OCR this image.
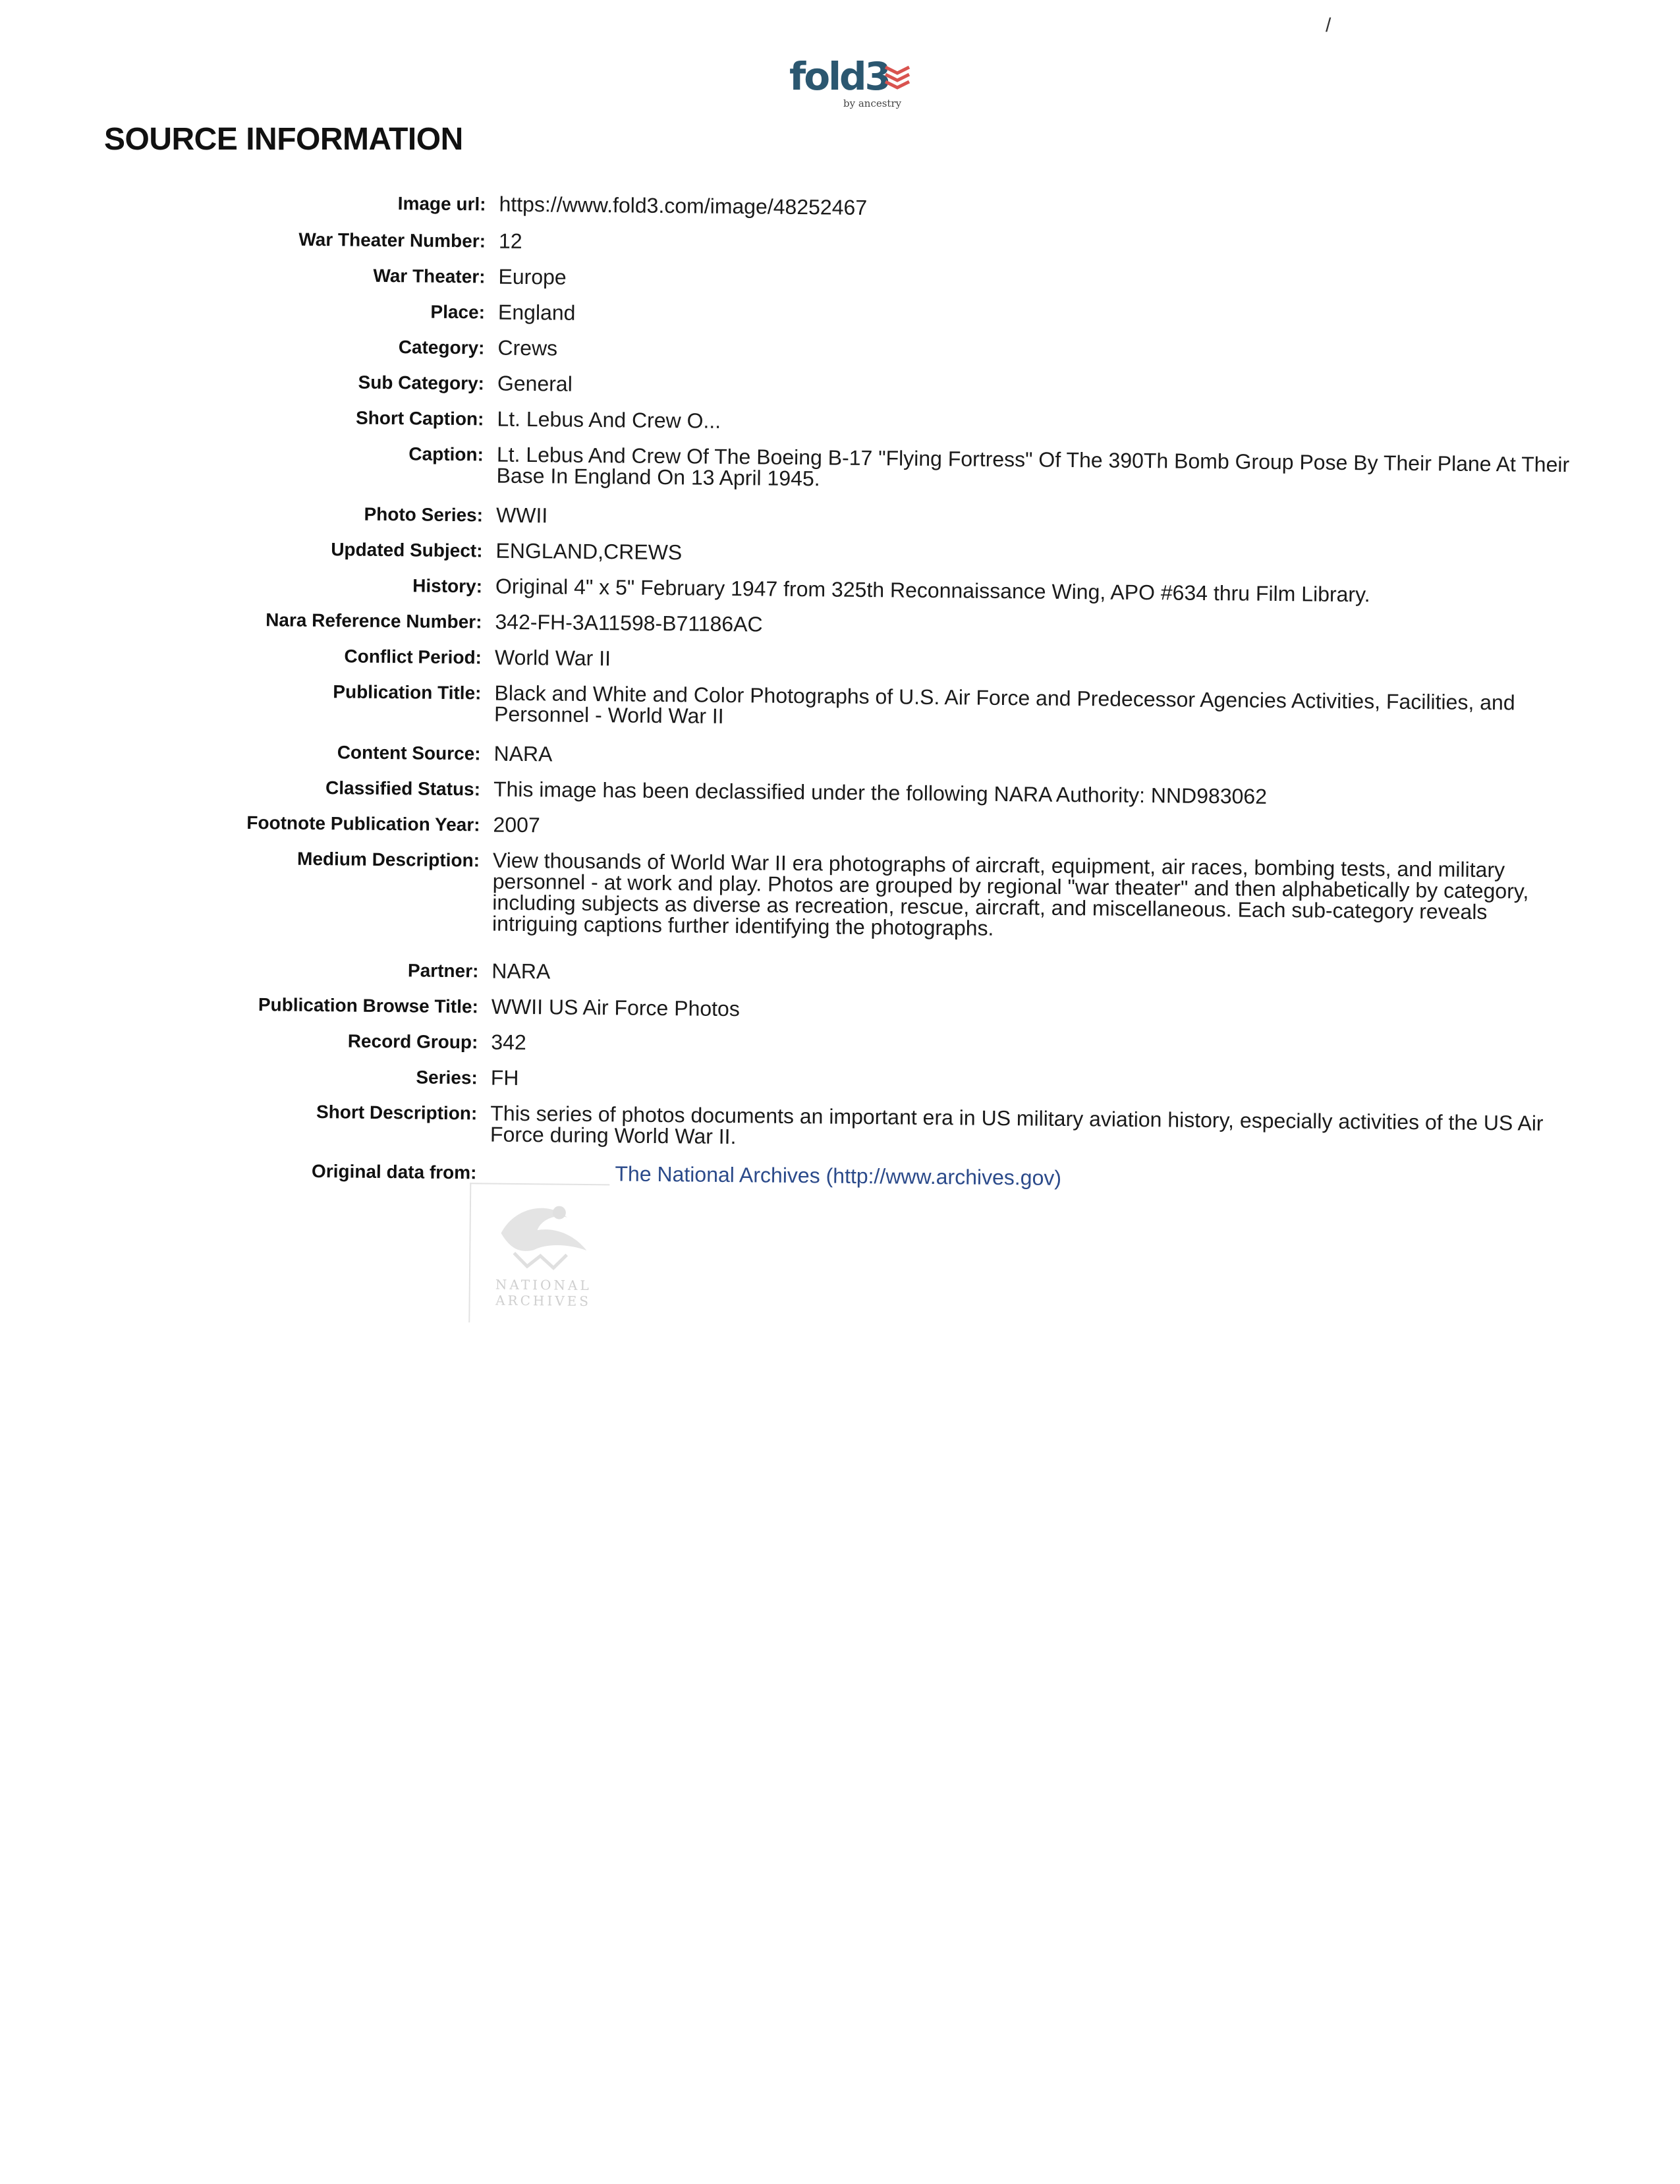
/
fold3
by ancestry
SOURCE INFORMATION
Image url: https://www.fold3.com/image/48252467
War Theater Number: 12
War Theater: Europe
Place: England
Category: Crews
Sub Category: General
Short Caption: Lt. Lebus And Crew O...
Caption: Lt. Lebus And Crew Of The Boeing B-17 "Flying Fortress" Of The 390Th Bomb Group Pose By Their Plane At Their Base In England On 13 April 1945.
Photo Series: WWII
Updated Subject: ENGLAND,CREWS
History: Original 4" x 5" February 1947 from 325th Reconnaissance Wing, APO #634 thru Film Library.
Nara Reference Number: 342-FH-3A11598-B71186AC
Conflict Period: World War II
Publication Title: Black and White and Color Photographs of U.S. Air Force and Predecessor Agencies Activities, Facilities, and Personnel - World War II
Content Source: NARA
Classified Status: This image has been declassified under the following NARA Authority: NND983062
Footnote Publication Year: 2007
Medium Description: View thousands of World War II era photographs of aircraft, equipment, air races, bombing tests, and military personnel - at work and play. Photos are grouped by regional "war theater" and then alphabetically by category, including subjects as diverse as recreation, rescue, aircraft, and miscellaneous. Each sub-category reveals intriguing captions further identifying the photographs.
Partner: NARA
Publication Browse Title: WWII US Air Force Photos
Record Group: 342
Series: FH
Short Description: This series of photos documents an important era in US military aviation history, especially activities of the US Air Force during World War II.
Original data from:	The National Archives (http://www.archives.gov)
NATIONAL ARCHIVES
